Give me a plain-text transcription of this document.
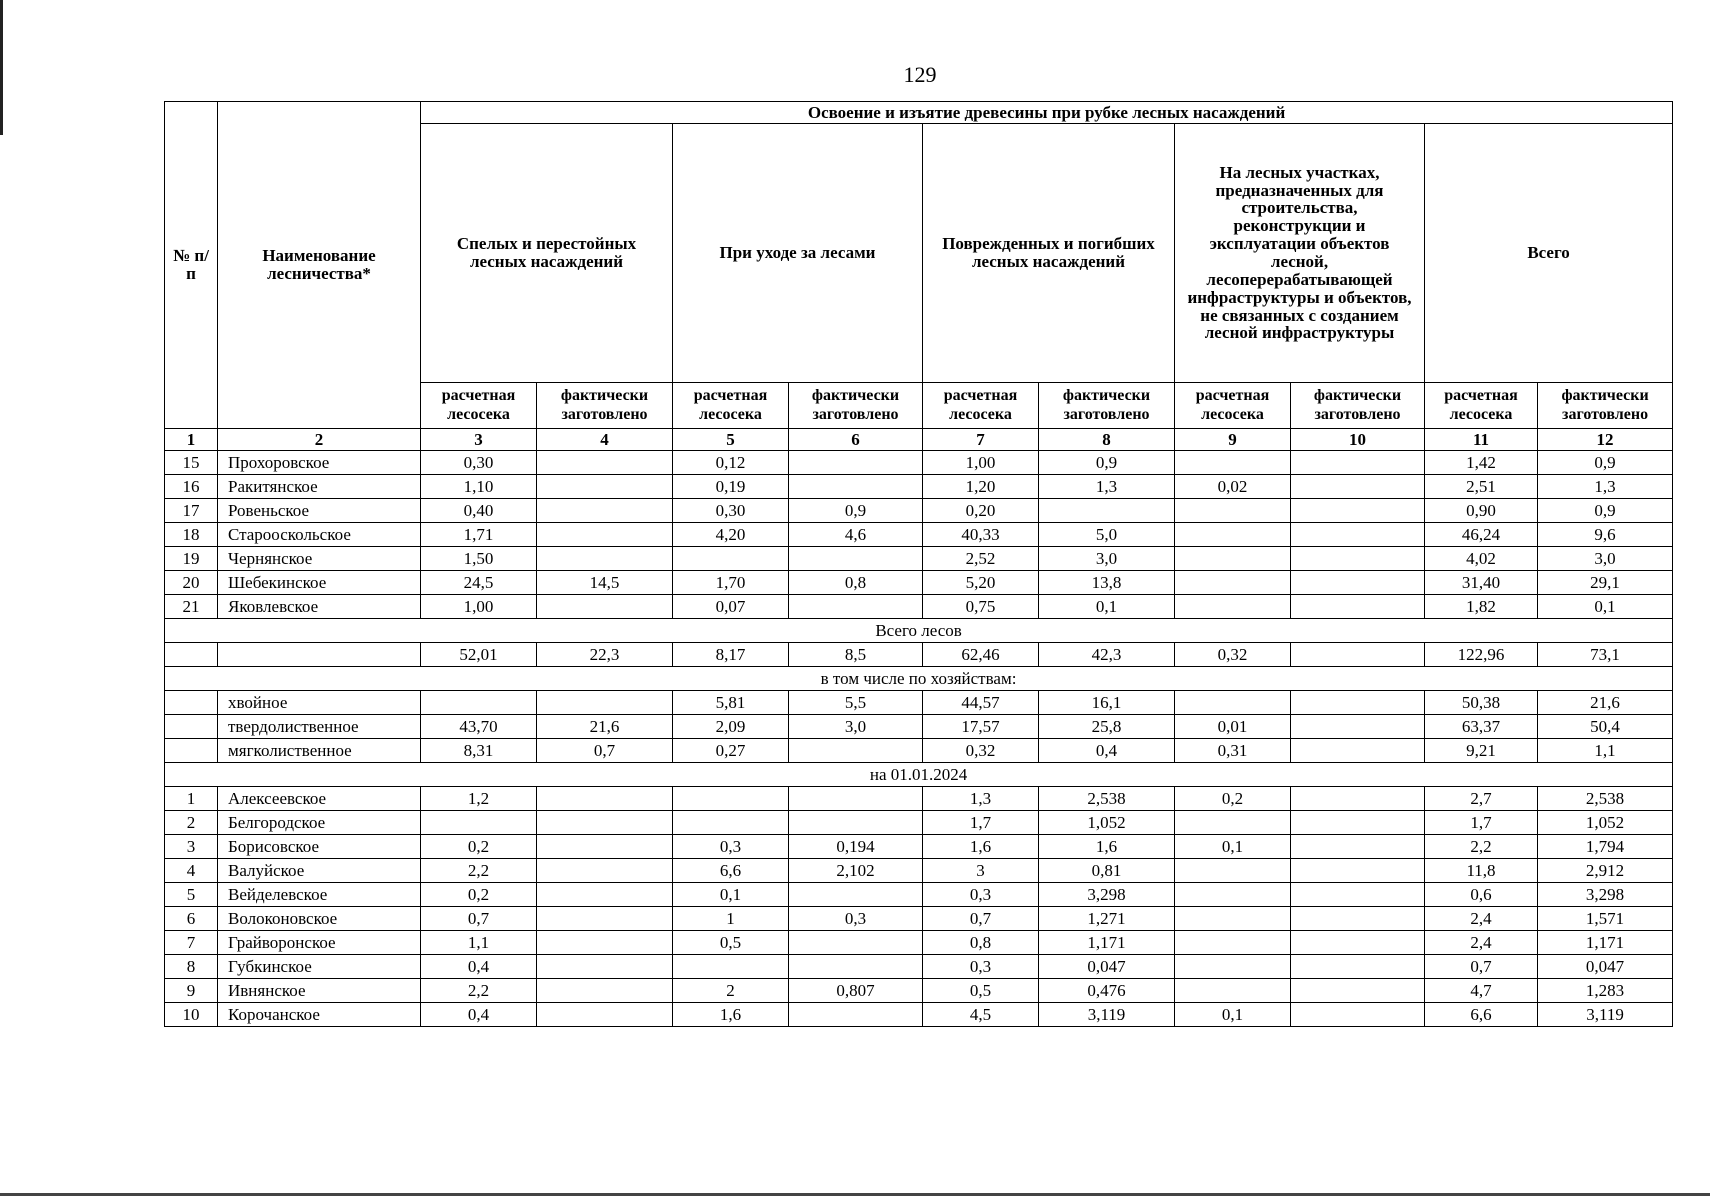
129
№ п/п	Наименование лесничества*	Освоение и изъятие древесины при рубке лесных насаждений									
		Спелых и перестойных лесных насаждений		При уходе за лесами		Поврежденных и погибших лесных насаждений		На лесных участках, предназначенных для строительства, реконструкции и эксплуатации объектов лесной, лесоперерабатывающей инфраструктуры и объектов, не связанных с созданием лесной инфраструктуры		Всего	
		расчетная лесосека	фактически заготовлено	расчетная лесосека	фактически заготовлено	расчетная лесосека	фактически заготовлено	расчетная лесосека	фактически заготовлено	расчетная лесосека	фактически заготовлено
1	2	3	4	5	6	7	8	9	10	11	12
15	Прохоровское	0,30		0,12		1,00	0,9			1,42	0,9
16	Ракитянское	1,10		0,19		1,20	1,3	0,02		2,51	1,3
17	Ровеньское	0,40		0,30	0,9	0,20				0,90	0,9
18	Старооскольское	1,71		4,20	4,6	40,33	5,0			46,24	9,6
19	Чернянское	1,50				2,52	3,0			4,02	3,0
20	Шебекинское	24,5	14,5	1,70	0,8	5,20	13,8			31,40	29,1
21	Яковлевское	1,00		0,07		0,75	0,1			1,82	0,1
Всего лесов											
		52,01	22,3	8,17	8,5	62,46	42,3	0,32		122,96	73,1
в том числе по хозяйствам:											
	хвойное			5,81	5,5	44,57	16,1			50,38	21,6
	твердолиственное	43,70	21,6	2,09	3,0	17,57	25,8	0,01		63,37	50,4
	мягколиственное	8,31	0,7	0,27		0,32	0,4	0,31		9,21	1,1
на 01.01.2024											
1	Алексеевское	1,2				1,3	2,538	0,2		2,7	2,538
2	Белгородское					1,7	1,052			1,7	1,052
3	Борисовское	0,2		0,3	0,194	1,6	1,6	0,1		2,2	1,794
4	Валуйское	2,2		6,6	2,102	3	0,81			11,8	2,912
5	Вейделевское	0,2		0,1		0,3	3,298			0,6	3,298
6	Волоконовское	0,7		1	0,3	0,7	1,271			2,4	1,571
7	Грайворонское	1,1		0,5		0,8	1,171			2,4	1,171
8	Губкинское	0,4				0,3	0,047			0,7	0,047
9	Ивнянское	2,2		2	0,807	0,5	0,476			4,7	1,283
10	Корочанское	0,4		1,6		4,5	3,119	0,1		6,6	3,119
